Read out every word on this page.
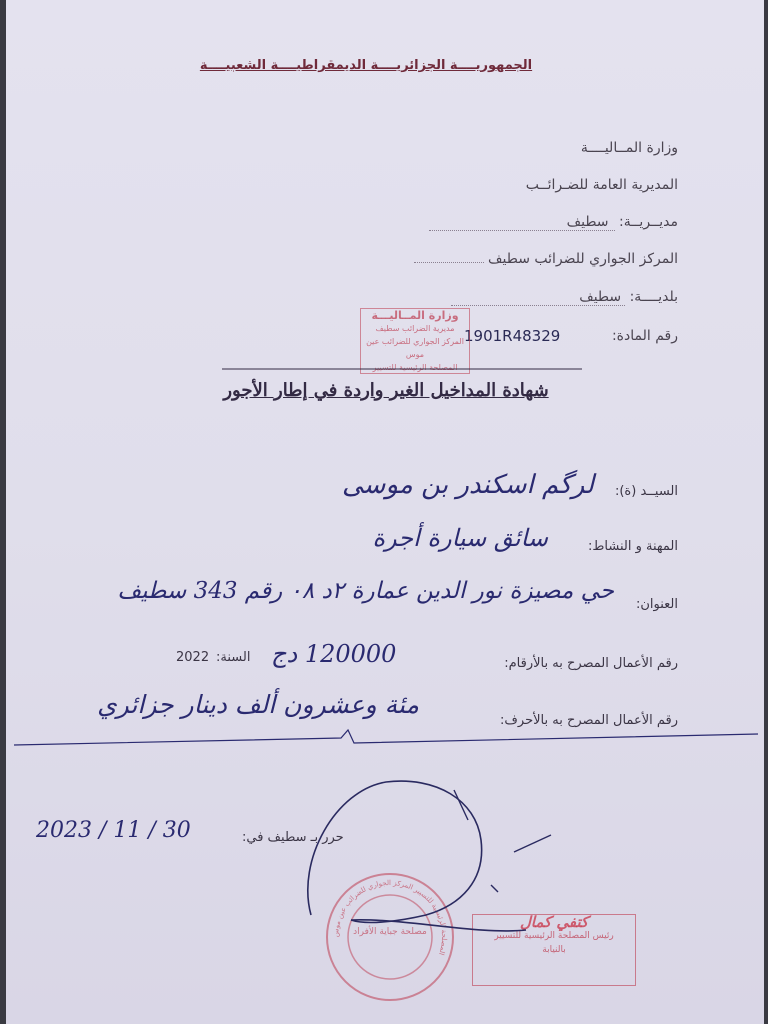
الجمهوريــــة الجزائريــــة الديمقراطيــــة الشعبيــــة
وزارة المــاليــــة
المديرية العامة للضـرائــب
مديــريــة: سطيف
المركز الجواري للضرائب سطيف
بلديــــة: سطيف
رقم المادة:
1901R48329
وزارة المــاليـــة
مديرية الضرائب سطيف
المركز الجواري للضرائب عين موس
المصلحة الرئيسية للتسيير
شهادة المداخيل الغير واردة في إطار الأجور
السيــد (ة):
لرگم اسكندر بن موسى
المهنة و النشاط:
سائق سيارة أجرة
العنوان:
حي مصيزة نور الدين عمارة ۲د ۰۸ رقم 343 سطيف
رقم الأعمال المصرح به بالأرقام:
120000 دج
السنة:
2022
رقم الأعمال المصرح به بالأحرف:
مئة وعشرون ألف دينار جزائري
حرر بـ سطيف في:
2023 / 11 / 30
المصلحة الرئيسية للتسيير المركز الجواري للضرائب عين موس
مصلحة جباية الأفراد
كتفي كمال
رئيس المصلحة الرئيسية للتسيير
بالنيابة
